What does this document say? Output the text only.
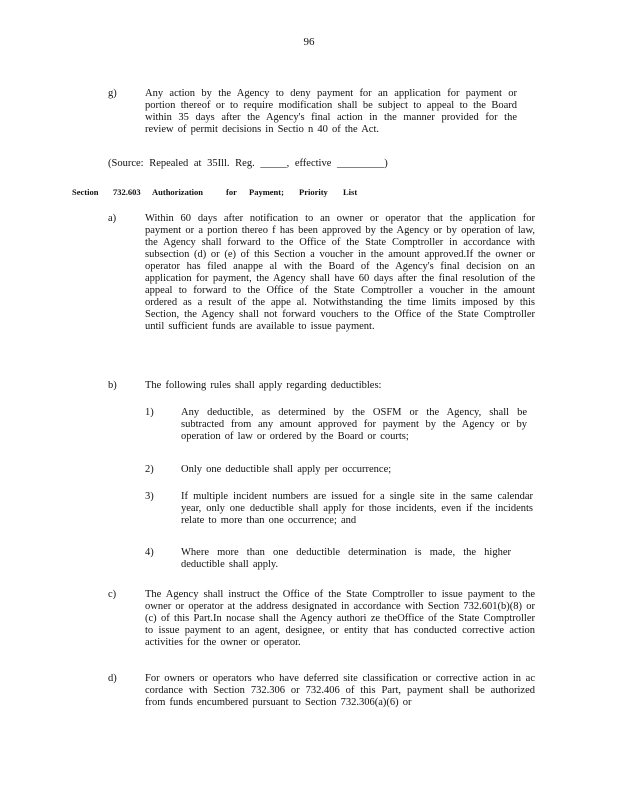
96
g)	Any action by the Agency to deny payment for an application for payment or portion thereof or to require modification shall be subject to appeal to the Board within 35 days after the Agency's final action in the manner provided for the review of permit decisions in Sectio n 40 of the Act.
(Source: Repealed at 35Ill. Reg. _____, effective _________)
Section 732.603 Authorization	for Payment; Priority List
a)	Within 60 days after notification to an owner or operator that the application for payment or a portion thereo f has been approved by the Agency or by operation of law, the Agency shall forward to the Office of the State Comptroller in accordance with subsection (d) or (e) of this Section a voucher in the amount approved.If the owner or operator has filed anappe al with the Board of the Agency's final decision on an application for payment, the Agency shall have 60 days after the final resolution of the appeal to forward to the Office of the State Comptroller a voucher in the amount ordered as a result of the appe al. Notwithstanding the time limits imposed by this Section, the Agency shall not forward vouchers to the Office of the State Comptroller until sufficient funds are available to issue payment.
b)	The following rules shall apply regarding deductibles:
1)	Any deductible, as determined by the OSFM or the Agency, shall be subtracted from any amount approved for payment by the Agency or by operation of law or ordered by the Board or courts;
2)	Only one deductible shall apply per occurrence;
3)	If multiple incident numbers are issued for a single site in the same calendar year, only one deductible shall apply for those incidents, even if the incidents relate to more than one occurrence; and
4)	Where more than one deductible determination is made, the higher deductible shall apply.
c)	The Agency shall instruct the Office of the State Comptroller to issue payment to the owner or operator at the address designated in accordance with Section 732.601(b)(8) or (c) of this Part.In nocase shall the Agency authori ze theOffice of the State Comptroller to issue payment to an agent, designee, or entity that has conducted corrective action activities for the owner or operator.
d)	For owners or operators who have deferred site classification or corrective action in ac cordance with Section 732.306 or 732.406 of this Part, payment shall be authorized from funds encumbered pursuant to Section 732.306(a)(6) or
